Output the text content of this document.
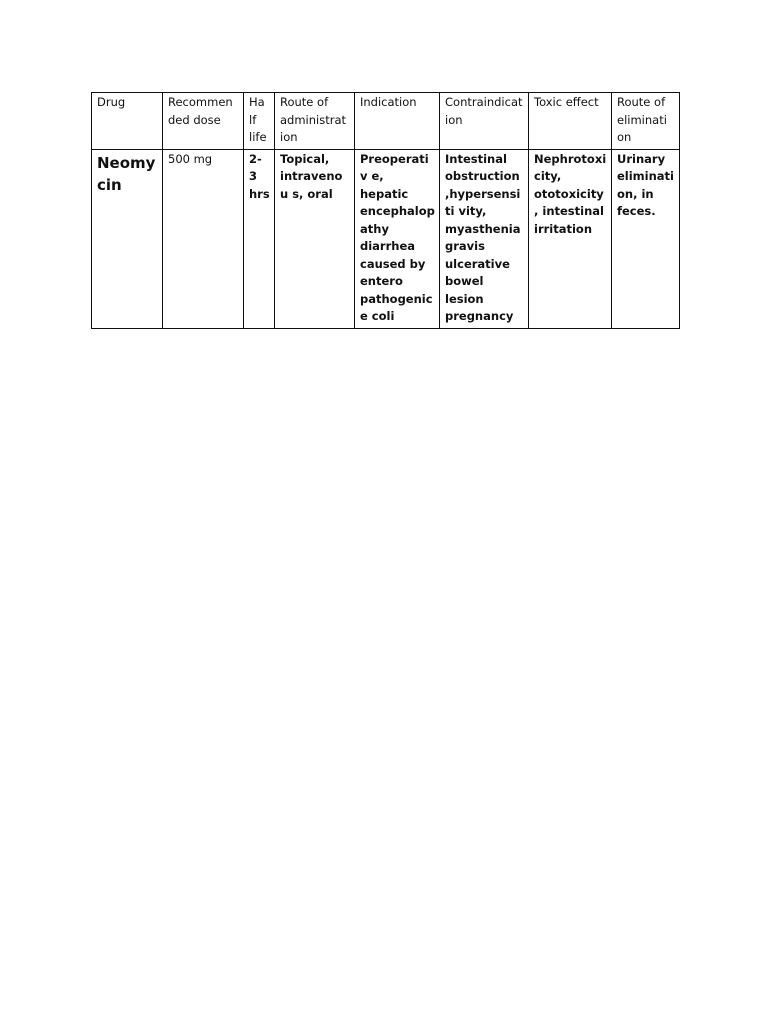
Drug	Recommen ded dose	Ha lf life	Route of administrat ion	Indication	Contraindicat ion	Toxic effect	Route of eliminati on
Neomy cin	500 mg	2- 3 hrs	Topical, intravenou s, oral	Preoperativ e, hepatic encephalop athy diarrhea caused by entero pathogenic e coli	Intestinal obstruction ,hypersensiti vity, myasthenia gravis ulcerative bowel lesion pregnancy	Nephrotoxi city, ototoxicity, intestinal irritation	Urinary eliminati on, in feces.
